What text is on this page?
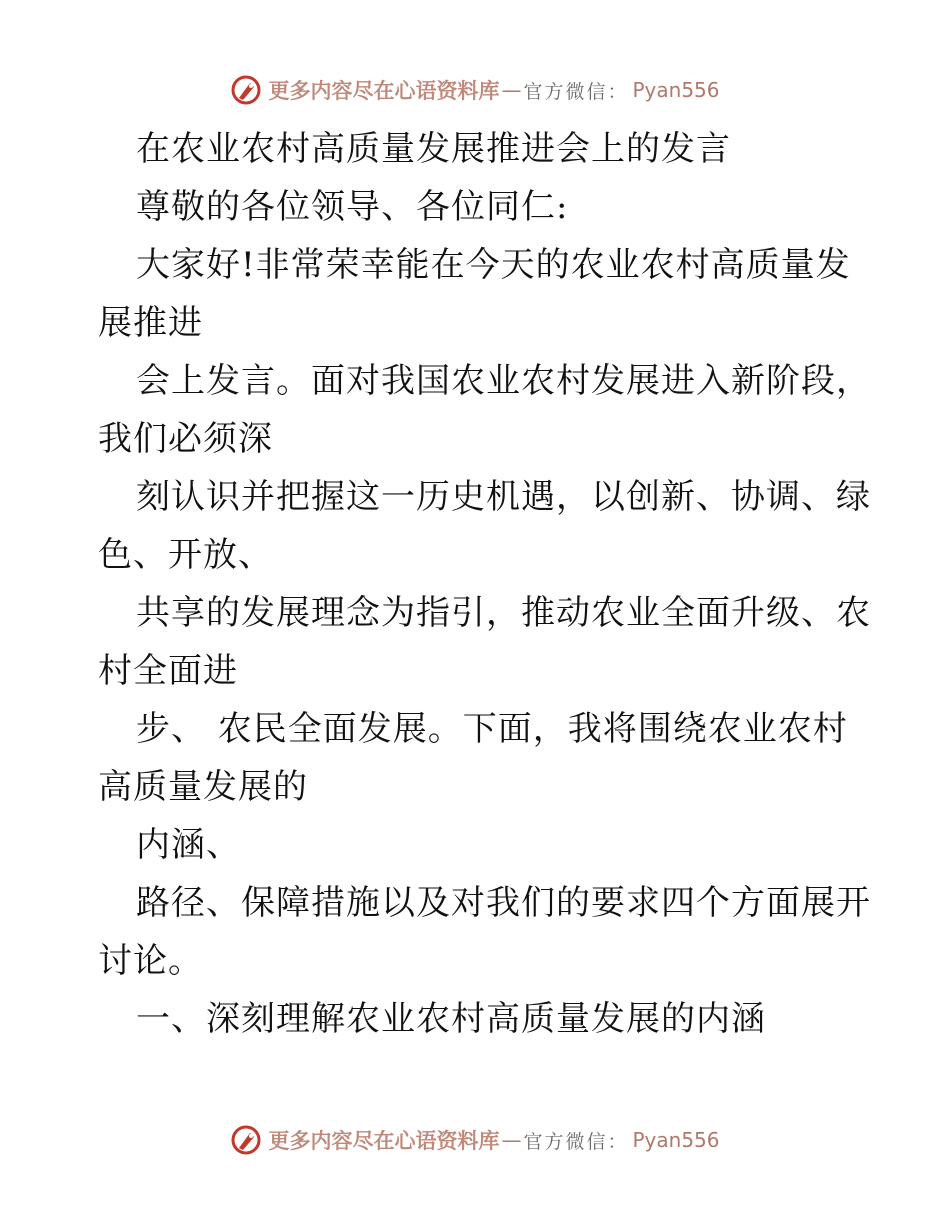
更多内容尽在心语资料库 — 官方微信： Pyan556
在农业农村高质量发展推进会上的发言
尊敬的各位领导、各位同仁:
大家好!非常荣幸能在今天的农业农村高质量发
展推进
会上发言。面对我国农业农村发展进入新阶段，
我们必须深
刻认识并把握这一历史机遇，以创新、协调、绿
色、开放、
共享的发展理念为指引，推动农业全面升级、农
村全面进
步、 农民全面发展。下面，我将围绕农业农村
高质量发展的
内涵、
路径、保障措施以及对我们的要求四个方面展开
讨论。
一、深刻理解农业农村高质量发展的内涵
更多内容尽在心语资料库 — 官方微信： Pyan556
